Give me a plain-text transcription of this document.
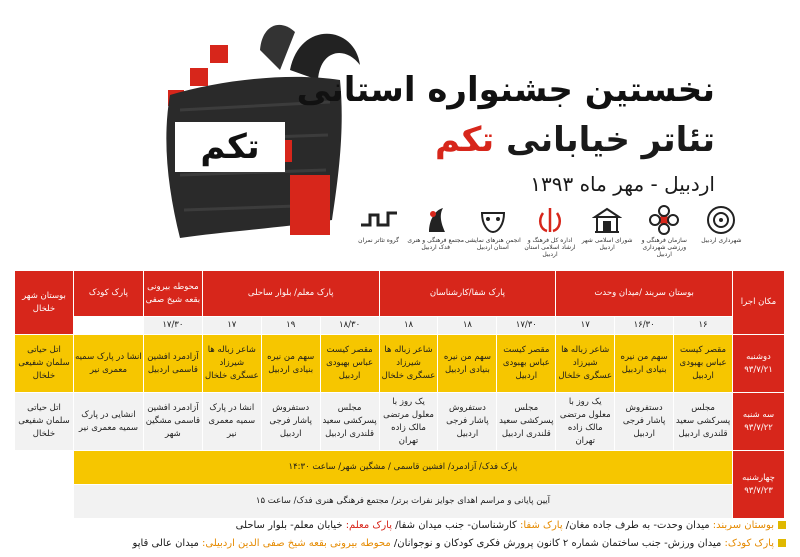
تکم
نخستین جشنواره استانی
تئاتر خیابانی تکم
اردبیل - مهر ماه ۱۳۹۳
شهرداری اردبیل
سازمان فرهنگی و ورزشی شهرداری اردبیل
شورای اسلامی شهر اردبیل
اداره کل فرهنگ و ارشاد اسلامی استان اردبیل
انجمن هنرهای نمایشی استان اردبیل
مجتمع فرهنگی و هنری فدک اردبیل
گروه تئاتر نمران
مکان اجرا	بوستان سربند /میدان وحدت			پارک شفا/کارشناسان			پارک معلم/ بلوار ساحلی			محوطه بیرونی بقعه شیخ صفی	پارک کودک	بوستان شهر خلخال
	۱۶	۱۶/۳۰	۱۷	۱۷/۳۰	۱۸	۱۸	۱۸/۳۰	۱۹	۱۷	۱۷/۳۰		
دوشنبه
۹۳/۷/۲۱	مقصر کیست عباس بهبودی اردبیل	سهم من نیره بنیادی اردبیل	شاعر زباله ها شیرزاد عسگری خلخال	مقصر کیست عباس بهبودی اردبیل	سهم من نیره بنیادی اردبیل	شاعر زباله ها شیرزاد عسگری خلخال	مقصر کیست عباس بهبودی اردبیل	سهم من نیره بنیادی اردبیل	شاعر زباله ها شیرزاد عسگری خلخال	آزادمرد افشین قاسمی اردبیل	انشا در پارک سمیه معمری نیر	اتل حیاتی سلمان شفیعی خلخال
سه شنبه
۹۳/۷/۲۲	مجلس پسرکشی سعید قلندری اردبیل	دستفروش پاشار فرجی اردبیل	یک روز با معلول مرتضی مالک زاده تهران	مجلس پسرکشی سعید قلندری اردبیل	دستفروش پاشار فرجی اردبیل	یک روز با معلول مرتضی مالک زاده تهران	مجلس پسرکشی سعید قلندری اردبیل	دستفروش پاشار فرجی اردبیل	انشا در پارک سمیه معمری نیر	آزادمرد افشین قاسمی مشگین شهر	انشایی در پارک سمیه معمری نیر	اتل حیاتی سلمان شفیعی خلخال
چهارشنبه
۹۳/۷/۲۳	پارک فدک/ آزادمرد/ افشین قاسمی / مشگین شهر/ ساعت ۱۴:۳۰											
	آیین پایانی و مراسم اهدای جوایز نفرات برتر/ مجتمع فرهنگی هنری فدک/ ساعت ۱۵											
بوستان سربند: میدان وحدت- به طرف جاده مغان/ پارک شفا: کارشناسان- جنب میدان شفا/ پارک معلم: خیابان معلم- بلوار ساحلی
پارک کودک: میدان ورزش- جنب ساختمان شماره ۲ کانون پرورش فکری کودکان و نوجوانان/ محوطه بیرونی بقعه شیخ صفی الدین اردبیلی: میدان عالی قاپو
